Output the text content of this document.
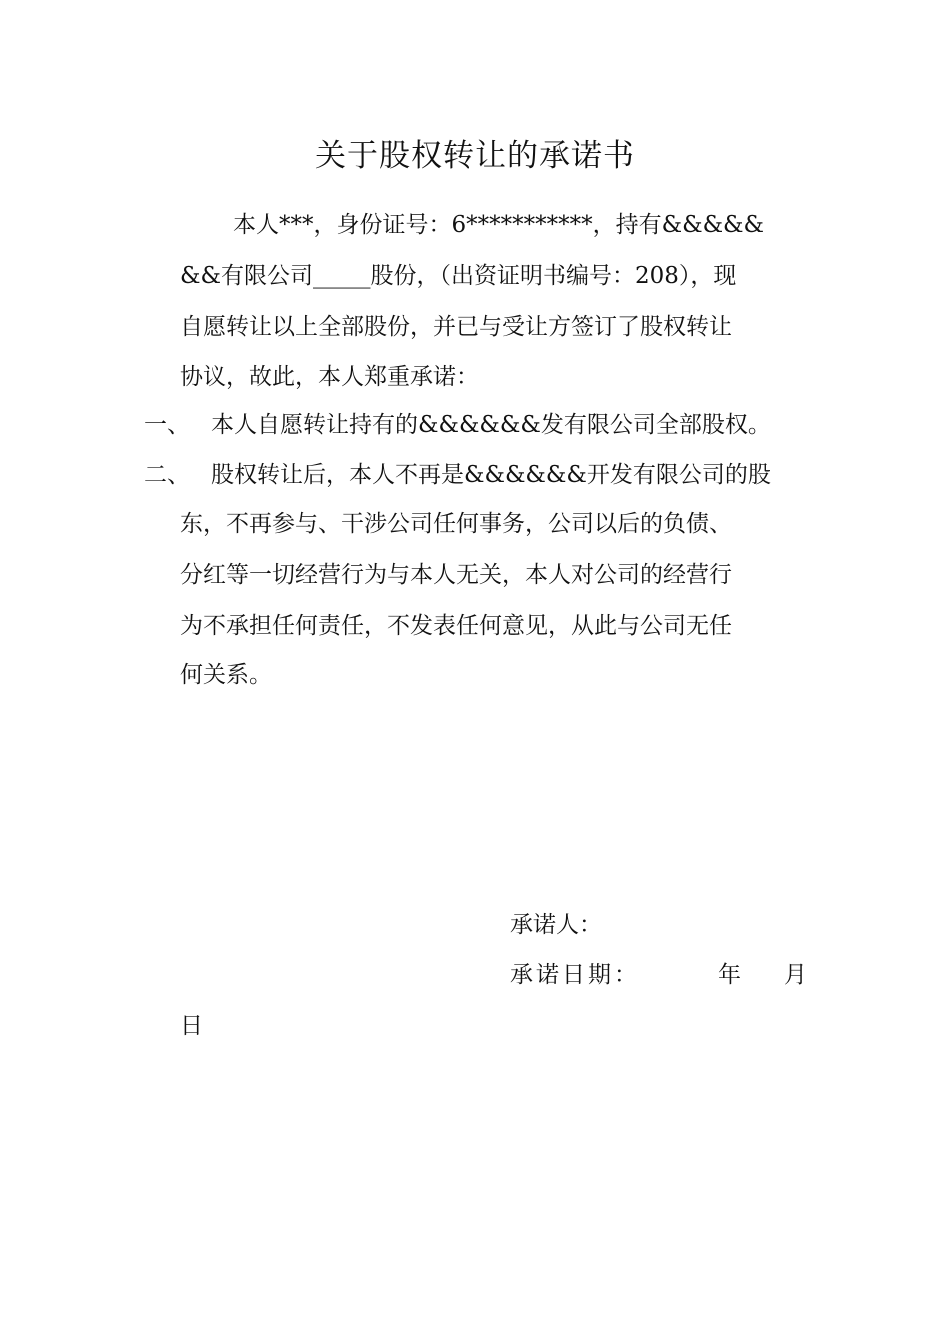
关于股权转让的承诺书
本人***，身份证号：6***********，持有&&&&&
&&有限公司_____股份，（出资证明书编号：208），现
自愿转让以上全部股份，并已与受让方签订了股权转让
协议，故此，本人郑重承诺：
一、 本人自愿转让持有的&&&&&&发有限公司全部股权。
二、 股权转让后，本人不再是&&&&&&开发有限公司的股
东，不再参与、干涉公司任何事务，公司以后的负债、
分红等一切经营行为与本人无关，本人对公司的经营行
为不承担任何责任，不发表任何意见，从此与公司无任
何关系。
承诺人：
承诺日期：	年 月
日
